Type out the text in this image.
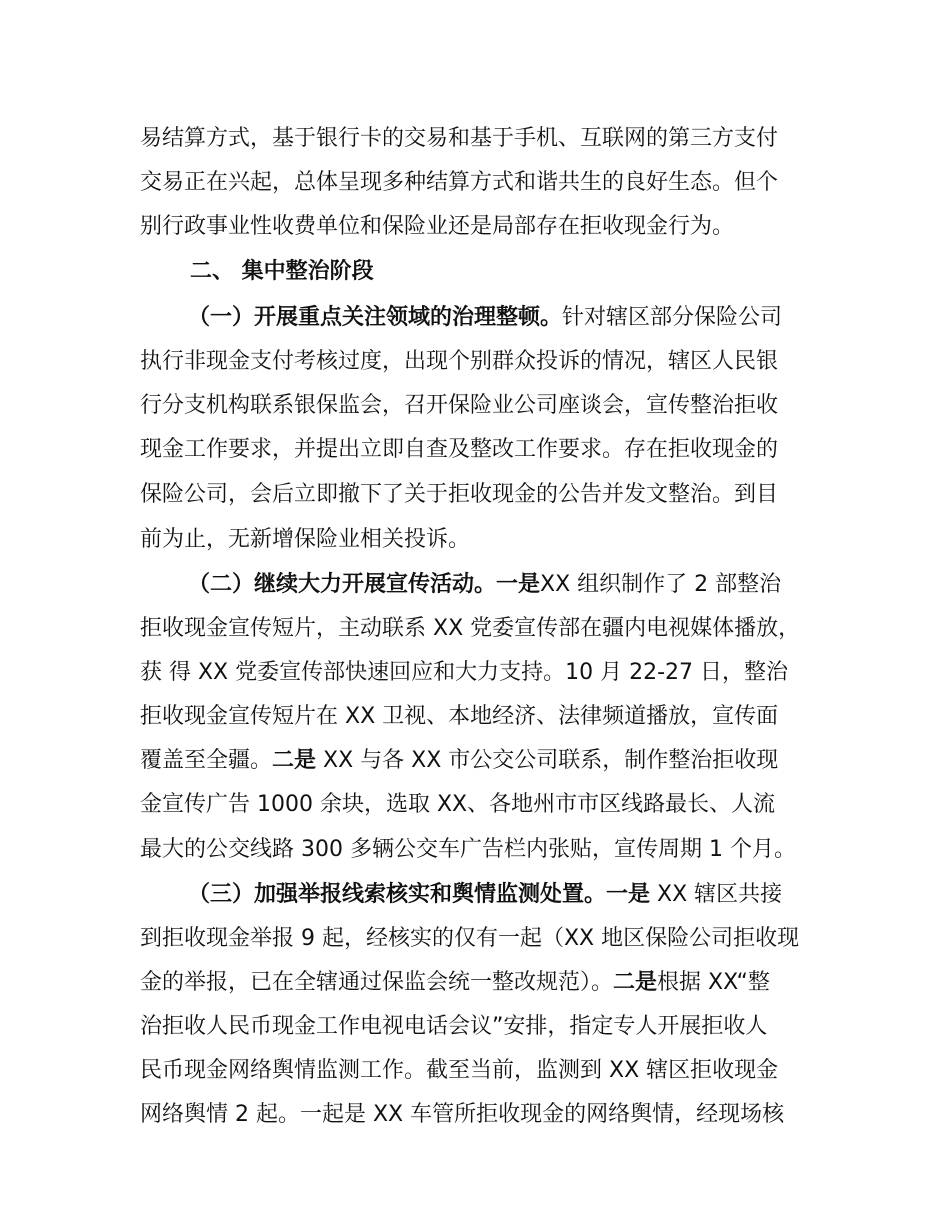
易结算方式，基于银行卡的交易和基于手机、互联网的第三方支付
交易正在兴起，总体呈现多种结算方式和谐共生的良好生态。但个
别行政事业性收费单位和保险业还是局部存在拒收现金行为。
二、 集中整治阶段
（一）开展重点关注领域的治理整顿。针对辖区部分保险公司
执行非现金支付考核过度，出现个别群众投诉的情况，辖区人民银
行分支机构联系银保监会，召开保险业公司座谈会，宣传整治拒收
现金工作要求，并提出立即自查及整改工作要求。存在拒收现金的
保险公司，会后立即撤下了关于拒收现金的公告并发文整治。到目
前为止，无新增保险业相关投诉。
（二）继续大力开展宣传活动。一是XX 组织制作了 2 部整治
拒收现金宣传短片，主动联系 XX 党委宣传部在疆内电视媒体播放，
获 得 XX 党委宣传部快速回应和大力支持。10 月 22-27 日，整治
拒收现金宣传短片在 XX 卫视、本地经济、法律频道播放，宣传面
覆盖至全疆。二是 XX 与各 XX 市公交公司联系，制作整治拒收现
金宣传广告 1000 余块，选取 XX、各地州市市区线路最长、人流
最大的公交线路 300 多辆公交车广告栏内张贴，宣传周期 1 个月。
（三）加强举报线索核实和舆情监测处置。一是 XX 辖区共接
到拒收现金举报 9 起，经核实的仅有一起（XX 地区保险公司拒收现
金的举报，已在全辖通过保监会统一整改规范）。二是根据 XX“整
治拒收人民币现金工作电视电话会议”安排，指定专人开展拒收人
民币现金网络舆情监测工作。截至当前，监测到 XX 辖区拒收现金
网络舆情 2 起。一起是 XX 车管所拒收现金的网络舆情，经现场核
